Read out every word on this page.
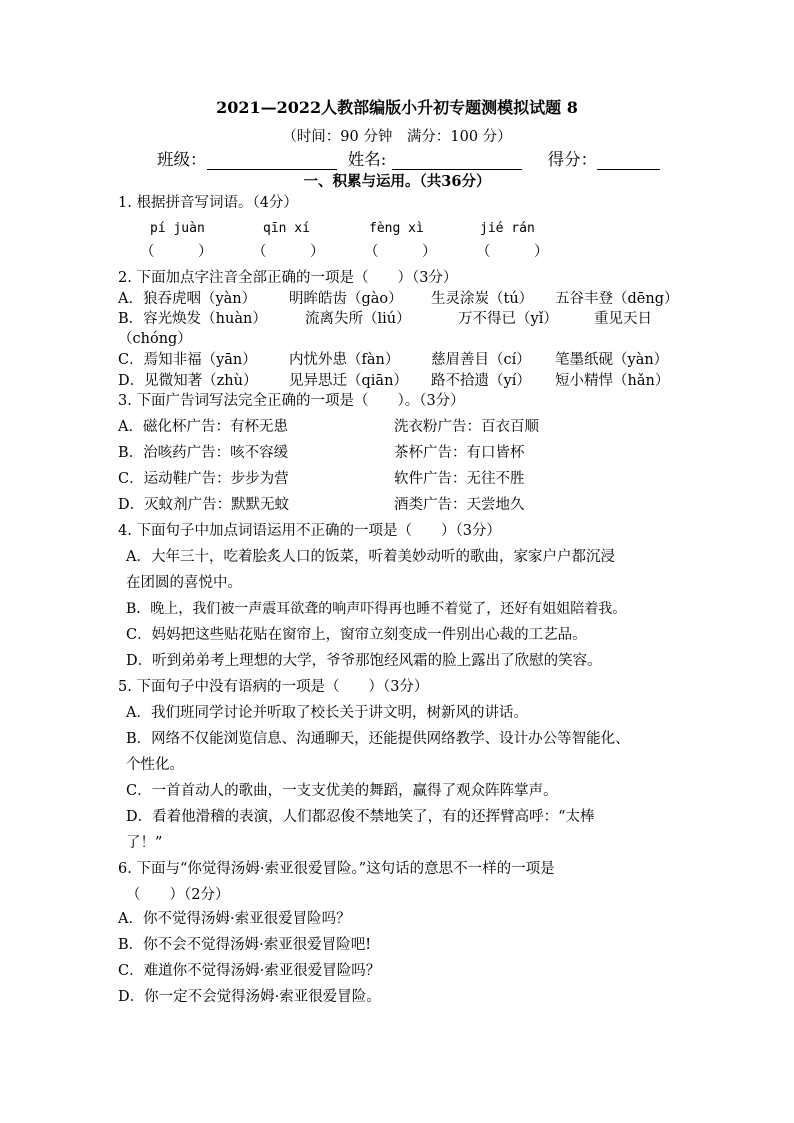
2021—2022人教部编版小升初专题测模拟试题 8
（时间：90 分钟　满分：100 分）
班级：	姓名:	得分：
一、积累与运用。（共36分）
1. 根据拼音写词语。（4分）
pí juàn	qīn xí	fèng xì	jié rán
（　　　）	（　　　）	（　　　）	（　　　）
2. 下面加点字注音全部正确的一项是（　　）（3分）
A．狼吞虎咽（yàn） 明眸皓齿（gào） 生灵涂炭（tú） 五谷丰登（dēng）
B．容光焕发（huàn）	流离失所（liú）	万不得已（yǐ） 重见天日
（chóng）
C．焉知非福（yān） 内忧外患（fàn） 慈眉善目（cí） 笔墨纸砚（yàn）
D．见微知著（zhù） 见异思迁（qiān） 路不拾遗（yí） 短小精悍（hǎn）
3. 下面广告词写法完全正确的一项是（　　）。（3分）
A．磁化杯广告：有杯无患	洗衣粉广告：百衣百顺
B．治咳药广告：咳不容缓	茶杯广告：有口皆杯
C．运动鞋广告：步步为营	软件广告：无往不胜
D．灭蚊剂广告：默默无蚊	酒类广告：天尝地久
4. 下面句子中加点词语运用不正确的一项是（　　）（3分）
A．大年三十，吃着脍炙人口的饭菜，听着美妙动听的歌曲，家家户户都沉浸
在团圆的喜悦中。
B．晚上，我们被一声震耳欲聋的响声吓得再也睡不着觉了，还好有姐姐陪着我。
C．妈妈把这些贴花贴在窗帘上，窗帘立刻变成一件别出心裁的工艺品。
D．听到弟弟考上理想的大学，爷爷那饱经风霜的脸上露出了欣慰的笑容。
5. 下面句子中没有语病的一项是（　　）（3分）
A．我们班同学讨论并听取了校长关于讲文明，树新风的讲话。
B．网络不仅能浏览信息、沟通聊天，还能提供网络教学、设计办公等智能化、
个性化。
C．一首首动人的歌曲，一支支优美的舞蹈，赢得了观众阵阵掌声。
D．看着他滑稽的表演，人们都忍俊不禁地笑了，有的还挥臂高呼：“太棒
了！”
6. 下面与“你觉得汤姆·索亚很爱冒险。”这句话的意思不一样的一项是
（　　）（2分）
A．你不觉得汤姆·索亚很爱冒险吗？
B．你不会不觉得汤姆·索亚很爱冒险吧!
C．难道你不觉得汤姆·索亚很爱冒险吗？
D．你一定不会觉得汤姆·索亚很爱冒险。
